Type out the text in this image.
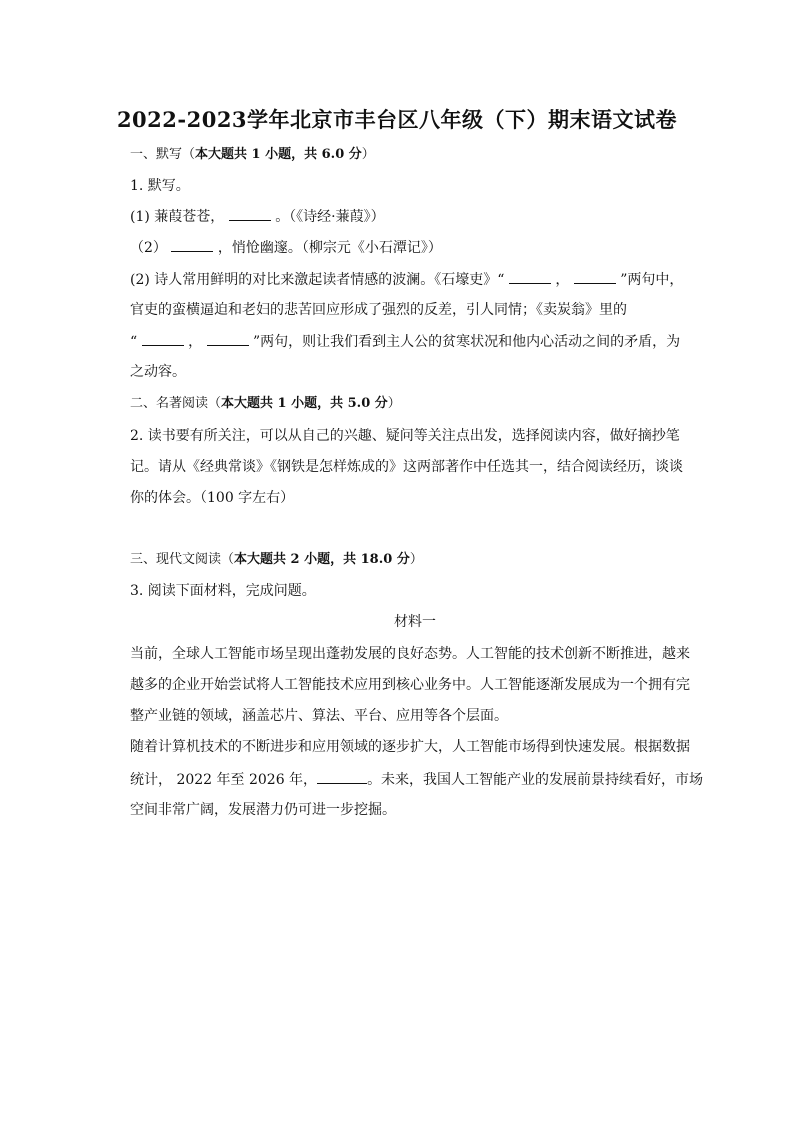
2022-2023学年北京市丰台区八年级（下）期末语文试卷
一、默写（本大题共 1 小题，共 6.0 分）
1. 默写。
(1) 蒹葭苍苍，	。（《诗经·蒹葭》）
（2）	，悄怆幽邃。（柳宗元《小石潭记》）
(2) 诗人常用鲜明的对比来激起读者情感的波澜。《石壕吏》“	，	”两句中，
官吏的蛮横逼迫和老妇的悲苦回应形成了强烈的反差，引人同情；《卖炭翁》里的
“	，	”两句，则让我们看到主人公的贫寒状况和他内心活动之间的矛盾，为
之动容。
二、名著阅读（本大题共 1 小题，共 5.0 分）
2. 读书要有所关注，可以从自己的兴趣、疑问等关注点出发，选择阅读内容，做好摘抄笔
记。请从《经典常谈》《钢铁是怎样炼成的》这两部著作中任选其一，结合阅读经历，谈谈
你的体会。（100 字左右）
三、现代文阅读（本大题共 2 小题，共 18.0 分）
3. 阅读下面材料，完成问题。
材料一
当前，全球人工智能市场呈现出蓬勃发展的良好态势。人工智能的技术创新不断推进，越来
越多的企业开始尝试将人工智能技术应用到核心业务中。人工智能逐渐发展成为一个拥有完
整产业链的领域，涵盖芯片、算法、平台、应用等各个层面。
随着计算机技术的不断进步和应用领域的逐步扩大，人工智能市场得到快速发展。根据数据
统计， 2022 年至 2026 年，	。未来，我国人工智能产业的发展前景持续看好，市场
空间非常广阔，发展潜力仍可进一步挖掘。
